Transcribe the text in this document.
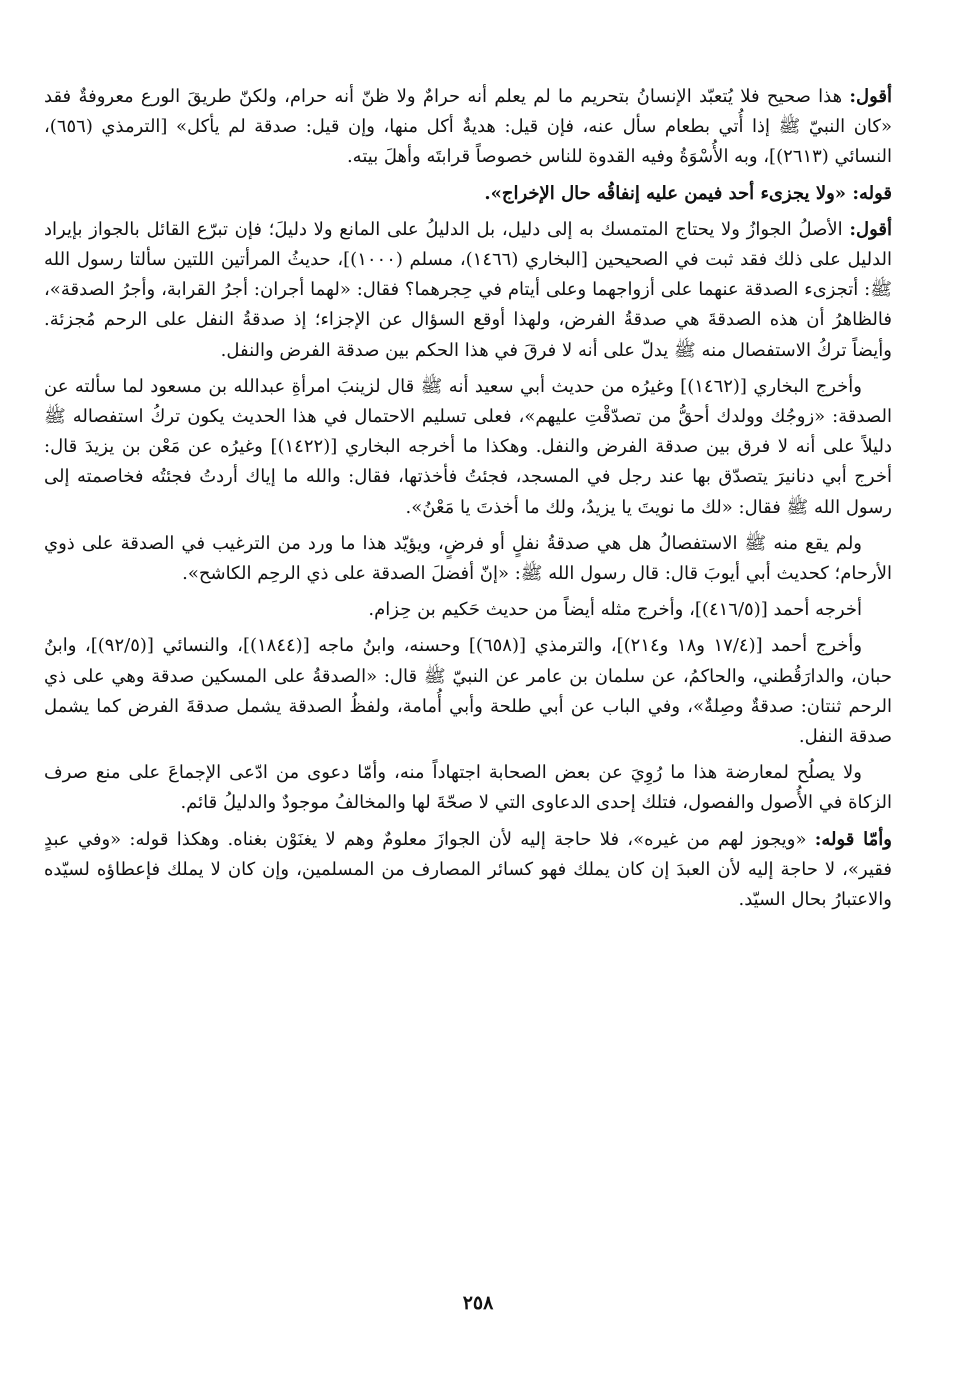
أقول: هذا صحيح فلا يُتعبّد الإنسانُ بتحريم ما لم يعلم أنه حرامٌ ولا ظنّ أنه حرام، ولكنّ طريقَ الورع معروفةٌ فقد «كان النبيّ ﷺ إذا أُتي بطعام سأل عنه، فإن قيل: هديةٌ أكل منها، وإن قيل: صدقة لم يأكل» [الترمذي (٦٥٦)، النسائي (٢٦١٣)]، وبه الأُسْوَةُ وفيه القدوة للناس خصوصاً قرابتَه وأهلَ بيته.

قوله: «ولا يجزىء أحد فيمن عليه إنفاقُه حال الإخراج».

أقول: الأصلُ الجوازُ ولا يحتاج المتمسك به إلى دليل، بل الدليلُ على المانع ولا دليلَ؛ فإن تبرّع القائل بالجواز بإيراد الدليل على ذلك فقد ثبت في الصحيحين [البخاري (١٤٦٦)، مسلم (١٠٠٠)]، حديثُ المرأتين اللتين سألتا رسول الله ﷺ: أتجزىء الصدقة عنهما على أزواجهما وعلى أيتام في حِجرهما؟ فقال: «لهما أجران: أجرُ القرابة، وأجرُ الصدقة»، فالظاهرُ أن هذه الصدقةَ هي صدقةُ الفرض، ولهذا أوقع السؤال عن الإجزاء؛ إذ صدقةُ النفل على الرحم مُجزئة. وأيضاً تركُ الاستفصال منه ﷺ يدلّ على أنه لا فرقَ في هذا الحكم بين صدقة الفرض والنفل.

وأخرج البخاري [(١٤٦٢)] وغيرُه من حديث أبي سعيد أنه ﷺ قال لزينبَ امرأةِ عبدالله بن مسعود لما سألته عن الصدقة: «زوجُك وولدك أحقُّ من تصدّقْتِ عليهم»، فعلى تسليم الاحتمال في هذا الحديث يكون تركُ استفصاله ﷺ دليلاً على أنه لا فرق بين صدقة الفرض والنفل. وهكذا ما أخرجه البخاري [(١٤٢٢)] وغيرُه عن مَعْن بن يزيدَ قال: أخرج أبي دنانيرَ يتصدّق بها عند رجل في المسجد، فجئتُ فأخذتها، فقال: والله ما إياك أردتُ فجئتُه فخاصمته إلى رسول الله ﷺ فقال: «لك ما نويتَ يا يزيدُ، ولك ما أخذتَ يا مَعْنُ».

ولم يقع منه ﷺ الاستفصالُ هل هي صدقةُ نفلٍ أو فرضٍ، ويؤيّد هذا ما ورد من الترغيب في الصدقة على ذوي الأرحام؛ كحديث أبي أيوبَ قال: قال رسول الله ﷺ: «إنّ أفضلَ الصدقة على ذي الرحِم الكاشح».

أخرجه أحمد [(٤١٦/٥)]، وأخرج مثله أيضاً من حديث حَكيم بن حِزام.

وأخرج أحمد [(١٧/٤ و١٨ و٢١٤)]، والترمذي [(٦٥٨)] وحسنه، وابنُ ماجه [(١٨٤٤)]، والنسائي [(٩٢/٥)]، وابنُ حبان، والدارَقُطني، والحاكمُ، عن سلمان بن عامر عن النبيّ ﷺ قال: «الصدقةُ على المسكين صدقة وهي على ذي الرحم ثنتان: صدقةٌ وصِلةٌ»، وفي الباب عن أبي طلحة وأبي أُمامة، ولفظُ الصدقة يشمل صدقةَ الفرض كما يشمل صدقة النفل.

ولا يصلُح لمعارضة هذا ما رُوِيَ عن بعض الصحابة اجتهاداً منه، وأمّا دعوى من ادّعى الإجماعَ على منع صرف الزكاة في الأُصول والفصول، فتلك إحدى الدعاوى التي لا صحّةَ لها والمخالفُ موجودٌ والدليلُ قائم.

وأمّا قوله: «ويجوز لهم من غيره»، فلا حاجة إليه لأن الجوازَ معلومٌ وهم لا يغنَوْن بغناه. وهكذا قوله: «وفي عبدٍ فقير»، لا حاجة إليه لأن العبدَ إن كان يملك فهو كسائر المصارف من المسلمين، وإن كان لا يملك فإعطاؤه لسيّده والاعتبارُ بحال السيّد.

٢٥٨
